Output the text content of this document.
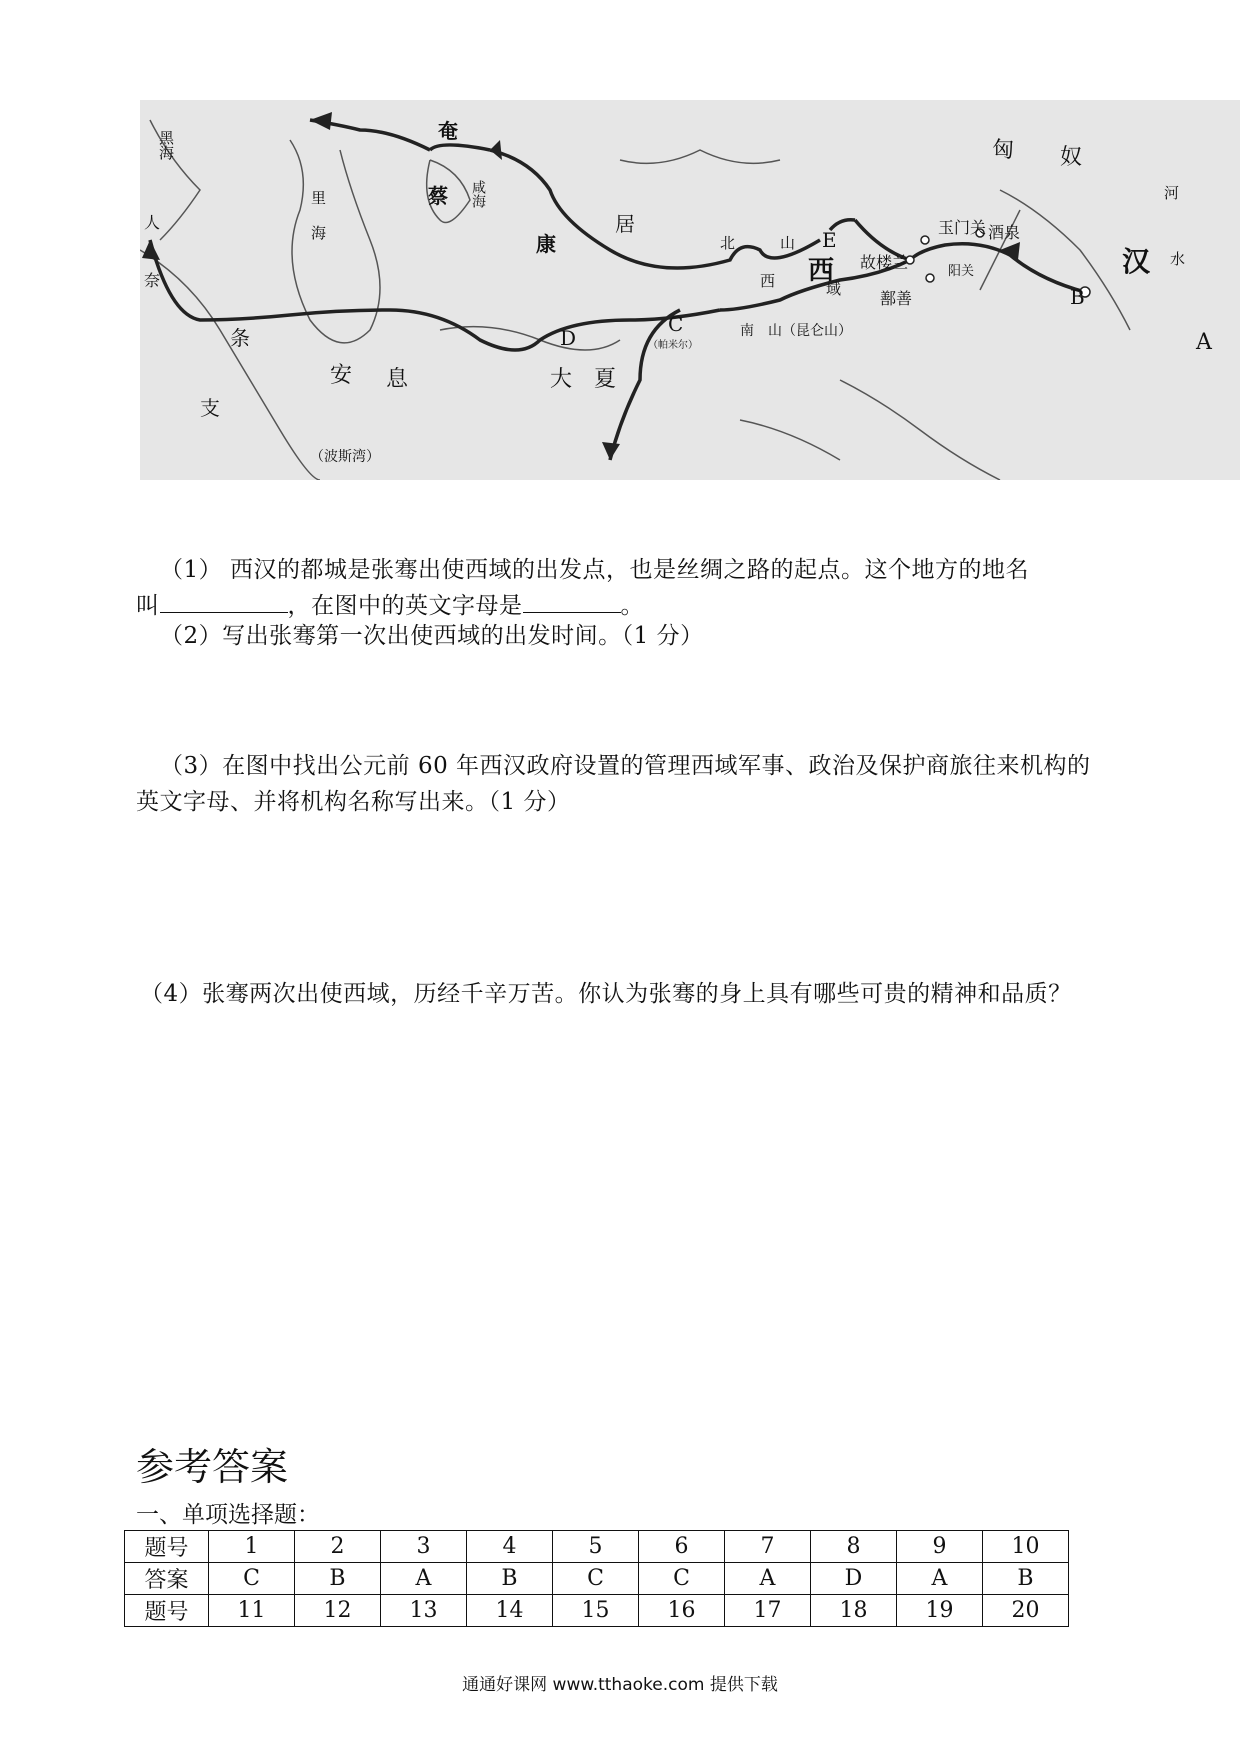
黑海	奄
蔡 咸海
里海	康
居
匈 奴
河
水
汉
玉门关 酒泉
阳关
故楼兰
鄯善
西
域
北	山
西
南　山（昆仑山）
人
奈
条
支
安 息	大　夏
（帕米尔）
（波斯湾）
A
B
C
D
E
（1） 西汉的都城是张骞出使西域的出发点，也是丝绸之路的起点。这个地方的地名
叫	，在图中的英文字母是	。
（2）写出张骞第一次出使西域的出发时间。（1 分）
（3）在图中找出公元前 60 年西汉政府设置的管理西域军事、政治及保护商旅往来机构的
英文字母、并将机构名称写出来。（1 分）
（4）张骞两次出使西域，历经千辛万苦。你认为张骞的身上具有哪些可贵的精神和品质？
参考答案
一、单项选择题：
题号	1	2	3	4	5	6	7	8	9	10
答案	C	B	A	B	C	C	A	D	A	B
题号	11	12	13	14	15	16	17	18	19	20
通通好课网 www.tthaoke.com 提供下载
